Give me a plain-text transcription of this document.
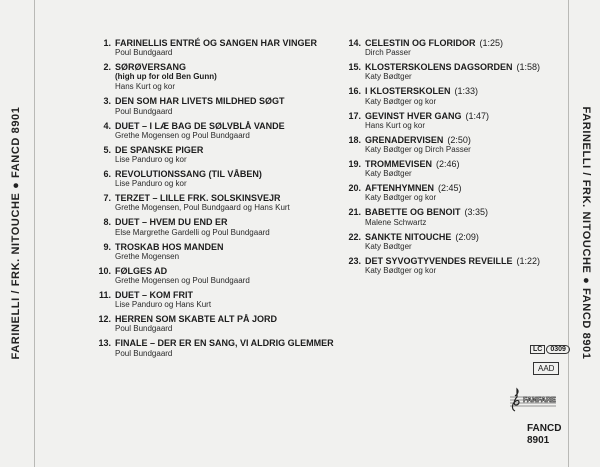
FARINELLI / FRK. NITOUCHE ● FANCD 8901	FARINELLI / FRK. NITOUCHE ● FANCD 8901
1. FARINELLIS ENTRÉ OG SANGEN HAR VINGER
Poul Bundgaard
2. SØRØVERSANG
(high up for old Ben Gunn)
Hans Kurt og kor
3. DEN SOM HAR LIVETS MILDHED SØGT
Poul Bundgaard
4. DUET – I LÆ BAG DE SØLVBLÅ VANDE
Grethe Mogensen og Poul Bundgaard
5. DE SPANSKE PIGER
Lise Panduro og kor
6. REVOLUTIONSSANG (TIL VÅBEN)
Lise Panduro og kor
7. TERZET – LILLE FRK. SOLSKINSVEJR
Grethe Mogensen, Poul Bundgaard og Hans Kurt
8. DUET – HVEM DU END ER
Else Margrethe Gardelli og Poul Bundgaard
9. TROSKAB HOS MANDEN
Grethe Mogensen
10. FØLGES AD
Grethe Mogensen og Poul Bundgaard
11. DUET – KOM FRIT
Lise Panduro og Hans Kurt
12. HERREN SOM SKABTE ALT PÅ JORD
Poul Bundgaard
13. FINALE – DER ER EN SANG, VI ALDRIG GLEMMER
Poul Bundgaard
14. CELESTIN OG FLORIDOR (1:25)
Dirch Passer
15. KLOSTERSKOLENS DAGSORDEN (1:58)
Katy Bødtger
16. I KLOSTERSKOLEN (1:33)
Katy Bødtger og kor
17. GEVINST HVER GANG (1:47)
Hans Kurt og kor
18. GRENADERVISEN (2:50)
Katy Bødtger og Dirch Passer
19. TROMMEVISEN (2:46)
Katy Bødtger
20. AFTENHYMNEN (2:45)
Katy Bødtger og kor
21. BABETTE OG BENOIT (3:35)
Malene Schwartz
22. SANKTE NITOUCHE (2:09)
Katy Bødtger
23. DET SYVOGTYVENDES REVEILLE (1:22)
Katy Bødtger og kor
LC	0309
AAD
FANFARE
FANCD
8901
